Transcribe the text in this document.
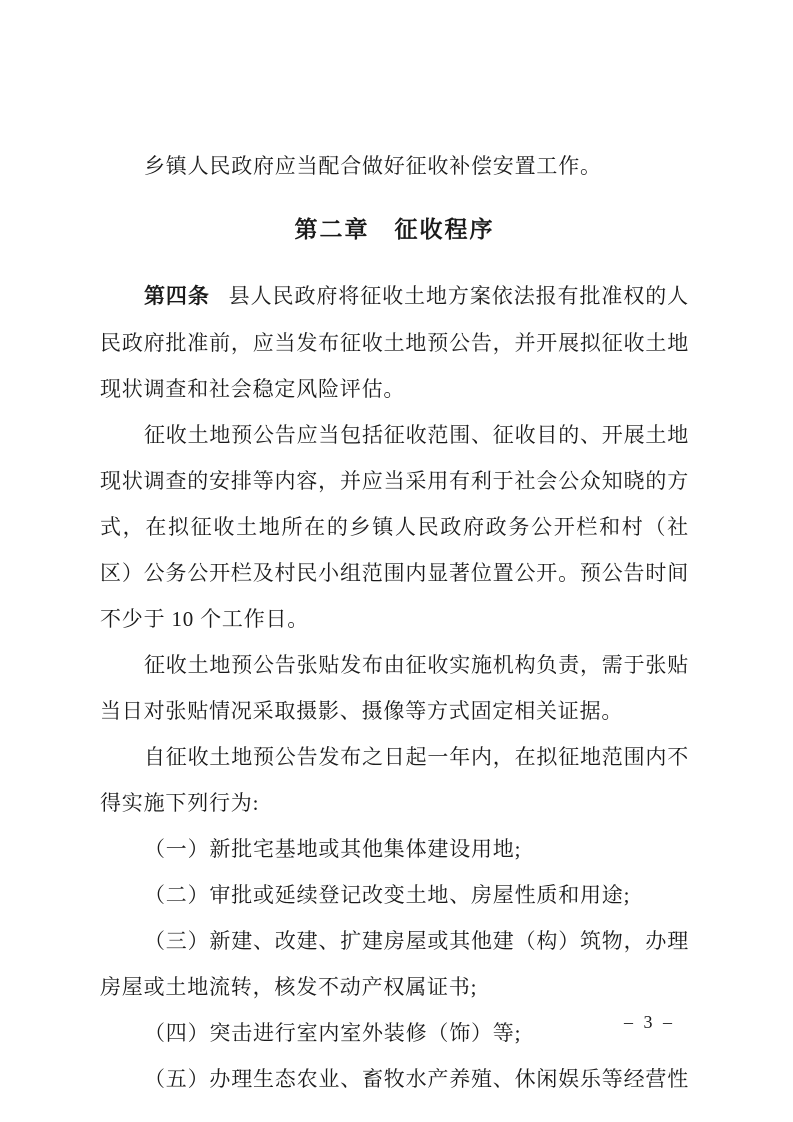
乡镇人民政府应当配合做好征收补偿安置工作。

第二章　征收程序

第四条 县人民政府将征收土地方案依法报有批准权的人民政府批准前，应当发布征收土地预公告，并开展拟征收土地现状调查和社会稳定风险评估。

征收土地预公告应当包括征收范围、征收目的、开展土地现状调查的安排等内容，并应当采用有利于社会公众知晓的方式，在拟征收土地所在的乡镇人民政府政务公开栏和村（社区）公务公开栏及村民小组范围内显著位置公开。预公告时间不少于 10 个工作日。

征收土地预公告张贴发布由征收实施机构负责，需于张贴当日对张贴情况采取摄影、摄像等方式固定相关证据。

自征收土地预公告发布之日起一年内，在拟征地范围内不得实施下列行为:

（一）新批宅基地或其他集体建设用地;

（二）审批或延续登记改变土地、房屋性质和用途;

（三）新建、改建、扩建房屋或其他建（构）筑物，办理房屋或土地流转，核发不动产权属证书;

（四）突击进行室内室外装修（饰）等;

（五）办理生态农业、畜牧水产养殖、休闲娱乐等经营性

– 3 –
